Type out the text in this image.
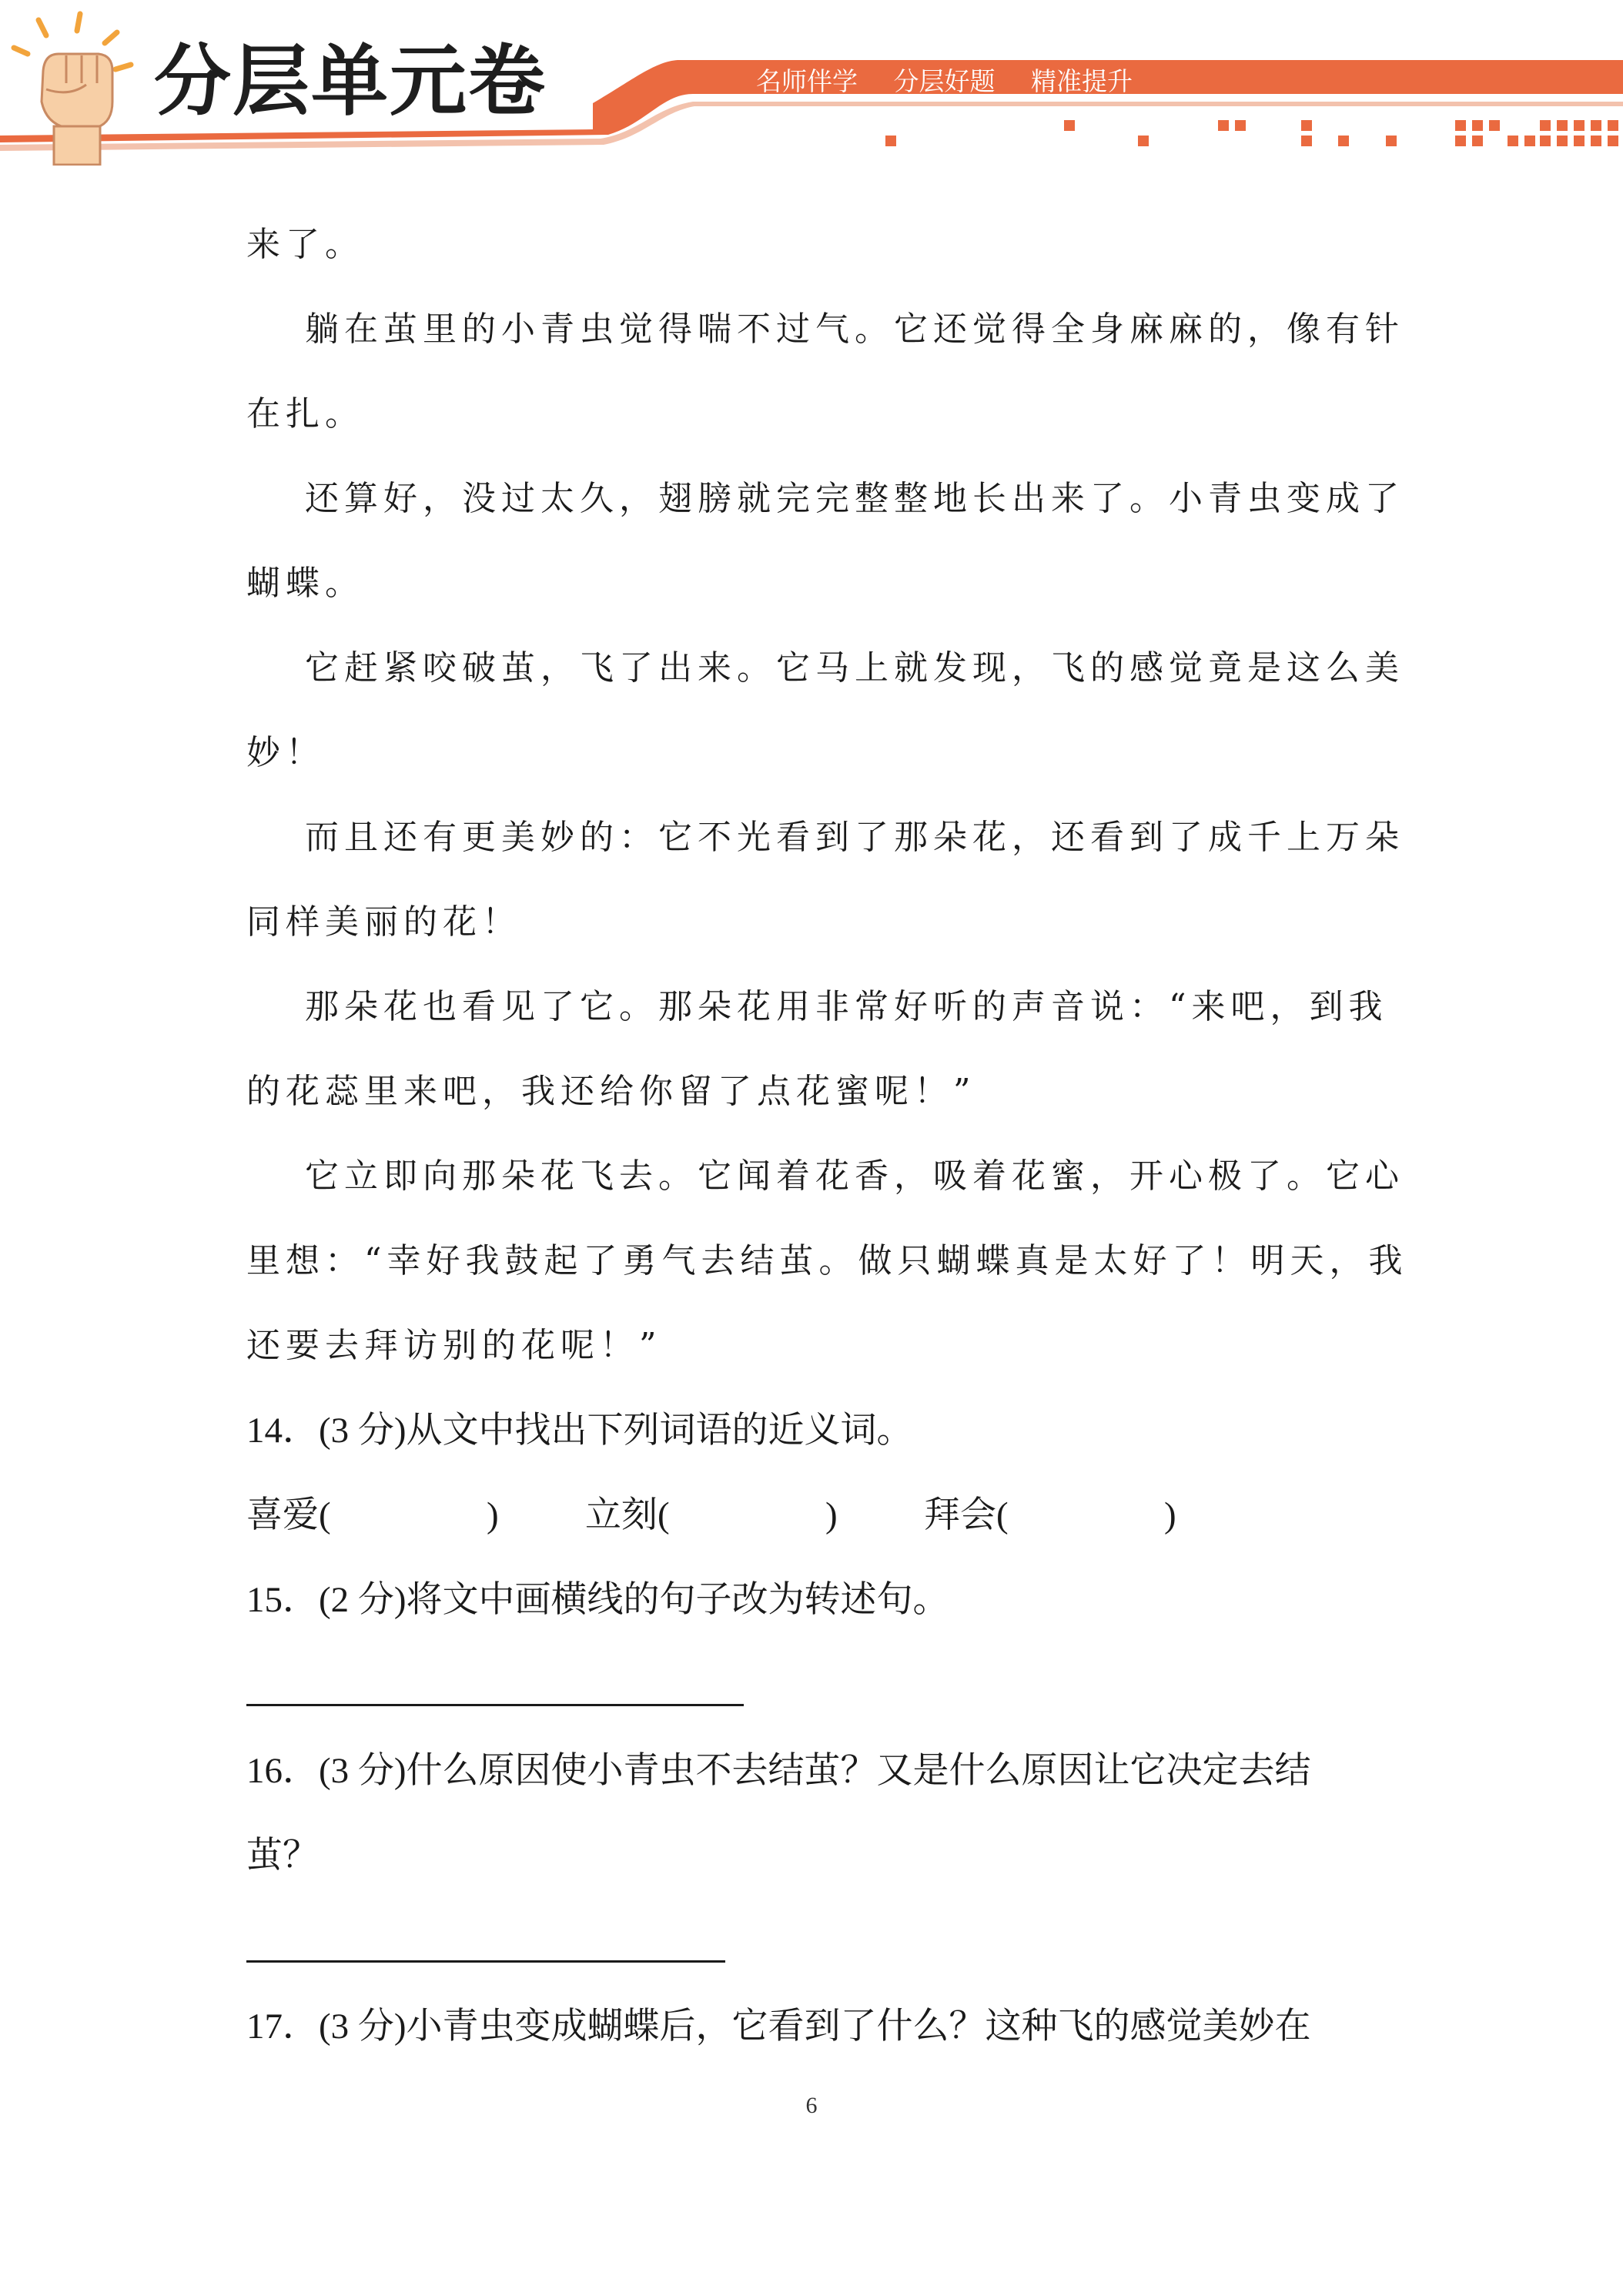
分层单元卷	名师伴学 分层好题 精准提升
来了。
躺在茧里的小青虫觉得喘不过气。它还觉得全身麻麻的，像有针
在扎。
还算好，没过太久，翅膀就完完整整地长出来了。小青虫变成了
蝴蝶。
它赶紧咬破茧，飞了出来。它马上就发现，飞的感觉竟是这么美
妙！
而且还有更美妙的：它不光看到了那朵花，还看到了成千上万朵
同样美丽的花！
那朵花也看见了它。那朵花用非常好听的声音说：“来吧，到我
的花蕊里来吧，我还给你留了点花蜜呢！”
它立即向那朵花飞去。它闻着花香，吸着花蜜，开心极了。它心
里想：“幸好我鼓起了勇气去结茧。做只蝴蝶真是太好了！明天，我
还要去拜访别的花呢！”
14．(3 分)从文中找出下列词语的近义词。
喜爱(	) 立刻(	) 拜会(	)
15．(2 分)将文中画横线的句子改为转述句。
16．(3 分)什么原因使小青虫不去结茧？又是什么原因让它决定去结
茧？
17．(3 分)小青虫变成蝴蝶后，它看到了什么？这种飞的感觉美妙在
6
